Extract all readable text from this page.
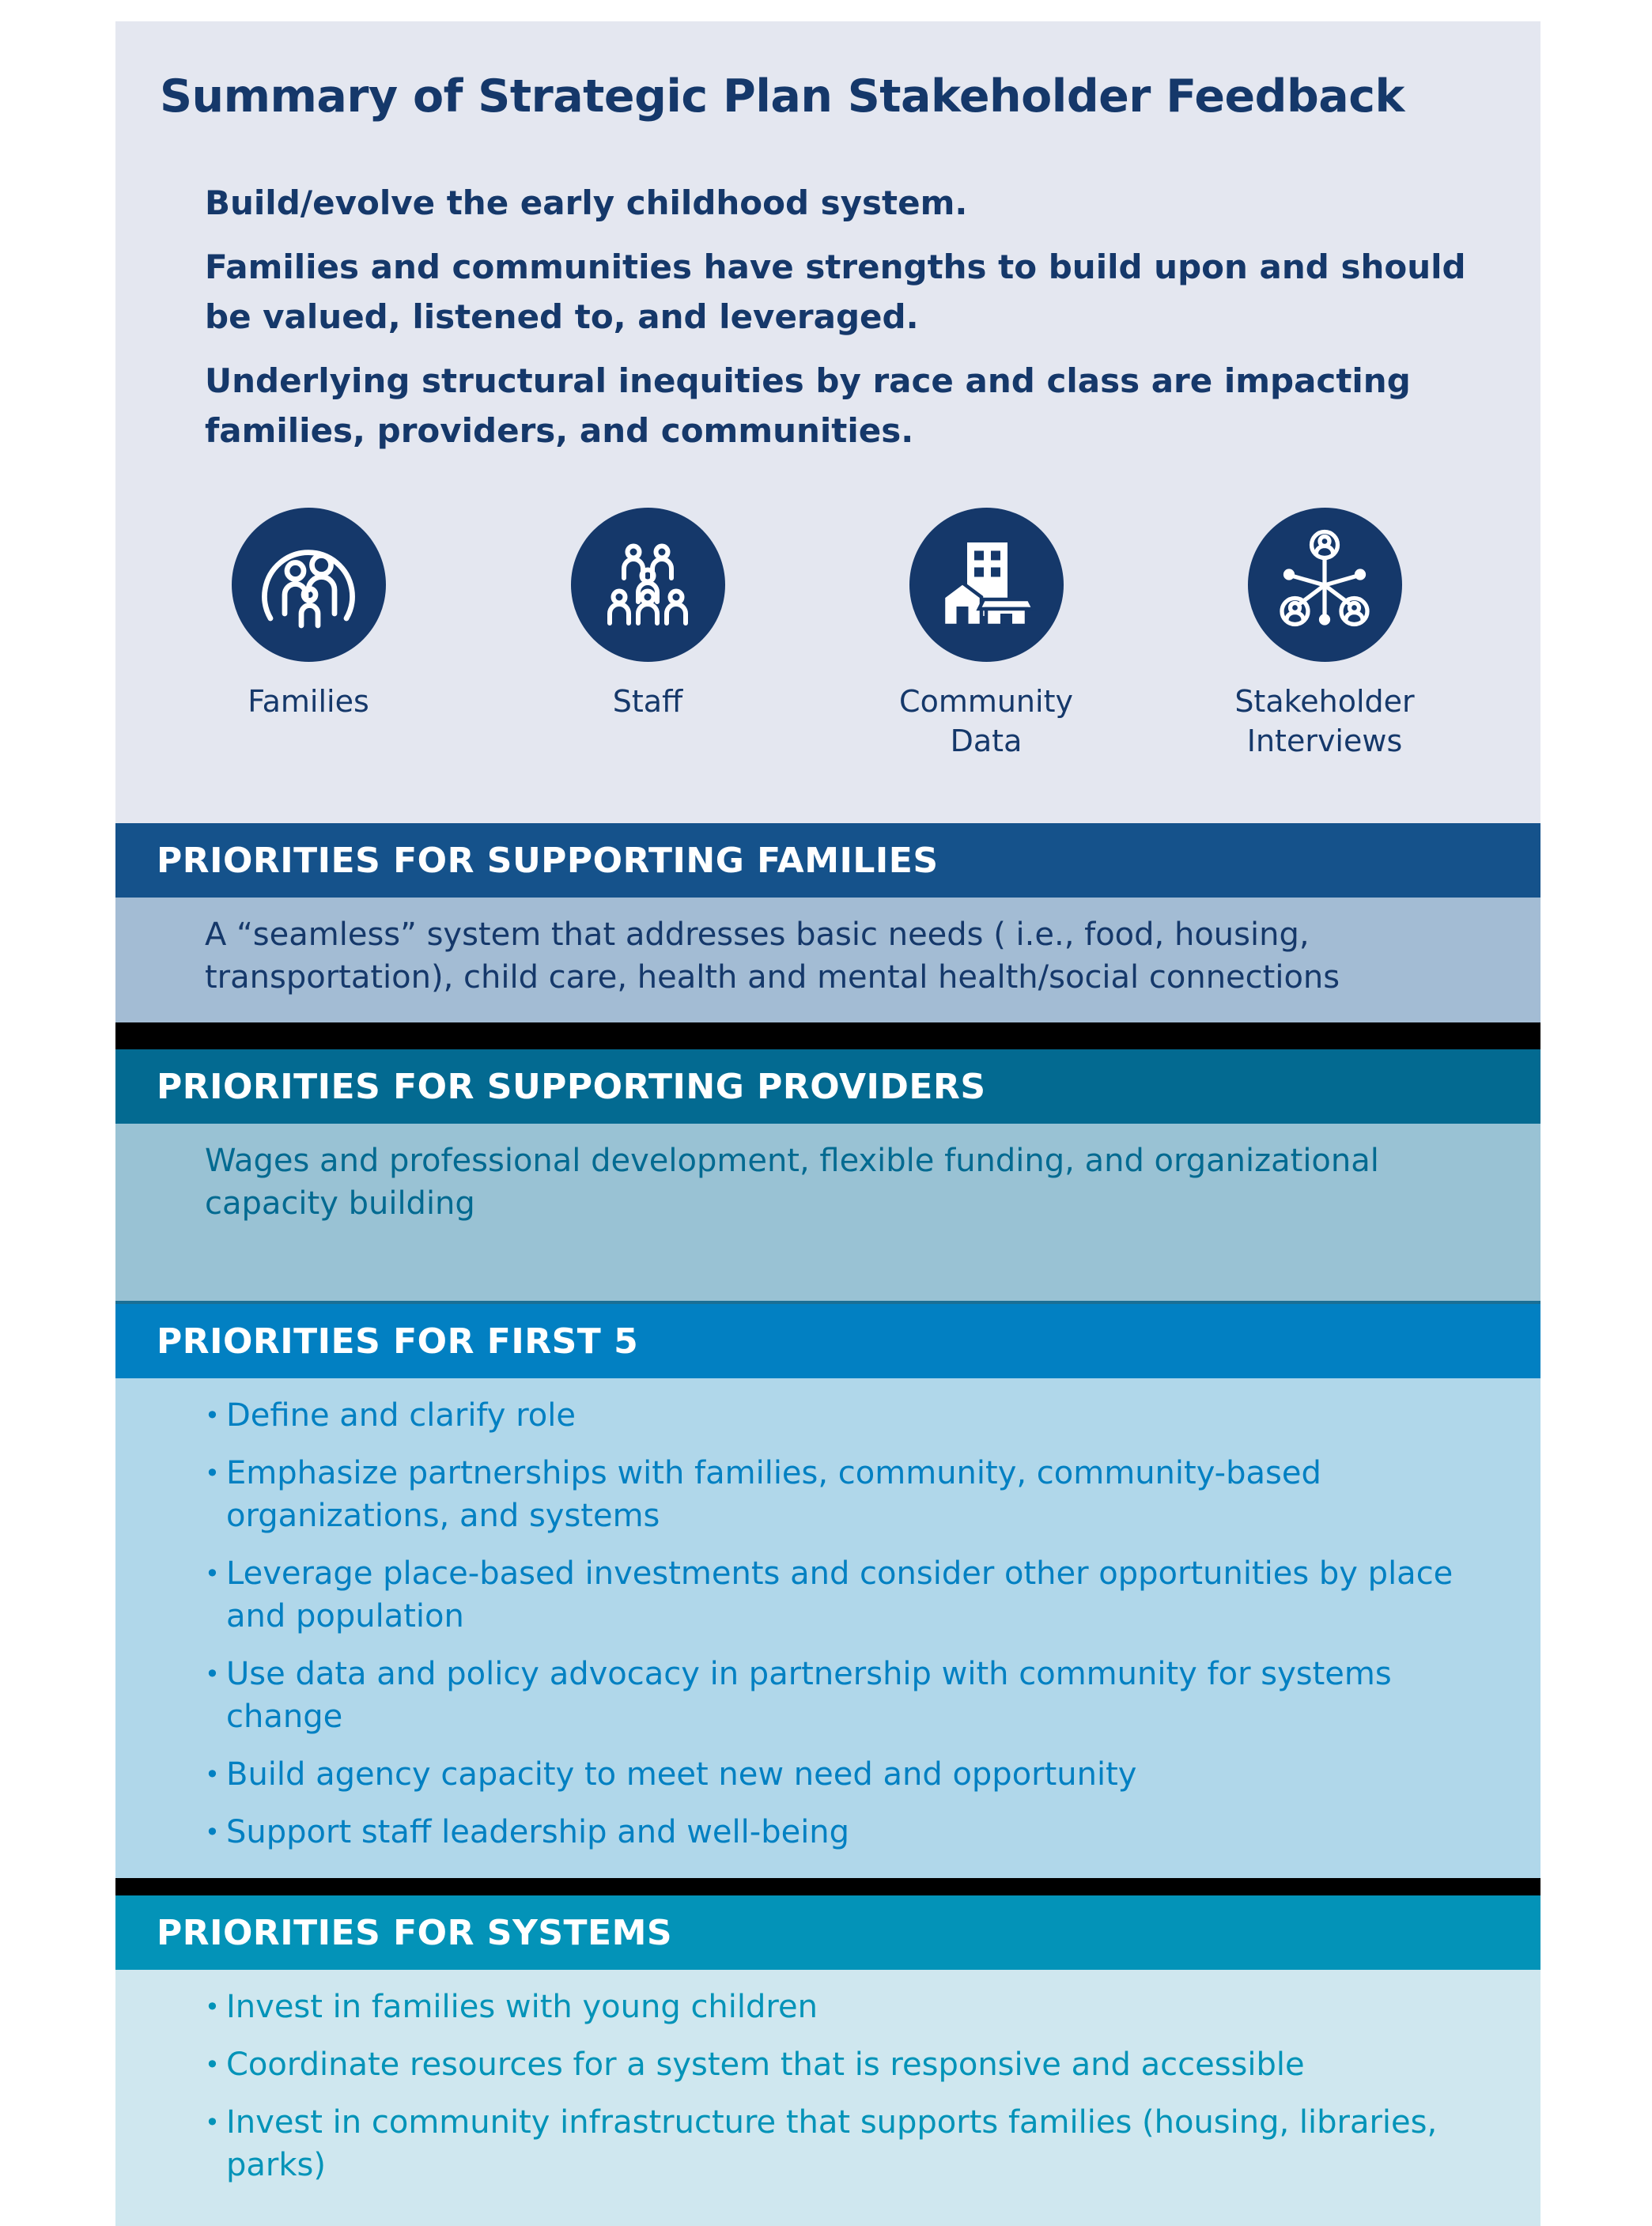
Summary of Strategic Plan Stakeholder Feedback

Build/evolve the early childhood system.

Families and communities have strengths to build upon and should be valued, listened to, and leveraged.

Underlying structural inequities by race and class are impacting families, providers, and communities.

Families	Staff	Community
Data
Stakeholder
Interviews
PRIORITIES FOR SUPPORTING FAMILIES

A “seamless” system that addresses basic needs ( i.e., food, housing, transportation), child care, health and mental health/social connections

PRIORITIES FOR SUPPORTING PROVIDERS

Wages and professional development, flexible funding, and organizational capacity building

PRIORITIES FOR FIRST 5
• Define and clarify role
• Emphasize partnerships with families, community, community-based organizations, and systems
• Leverage place-based investments and consider other opportunities by place and population
• Use data and policy advocacy in partnership with community for systems change
• Build agency capacity to meet new need and opportunity
• Support staff leadership and well-being
PRIORITIES FOR SYSTEMS
• Invest in families with young children
• Coordinate resources for a system that is responsive and accessible
• Invest in community infrastructure that supports families (housing, libraries, parks)
